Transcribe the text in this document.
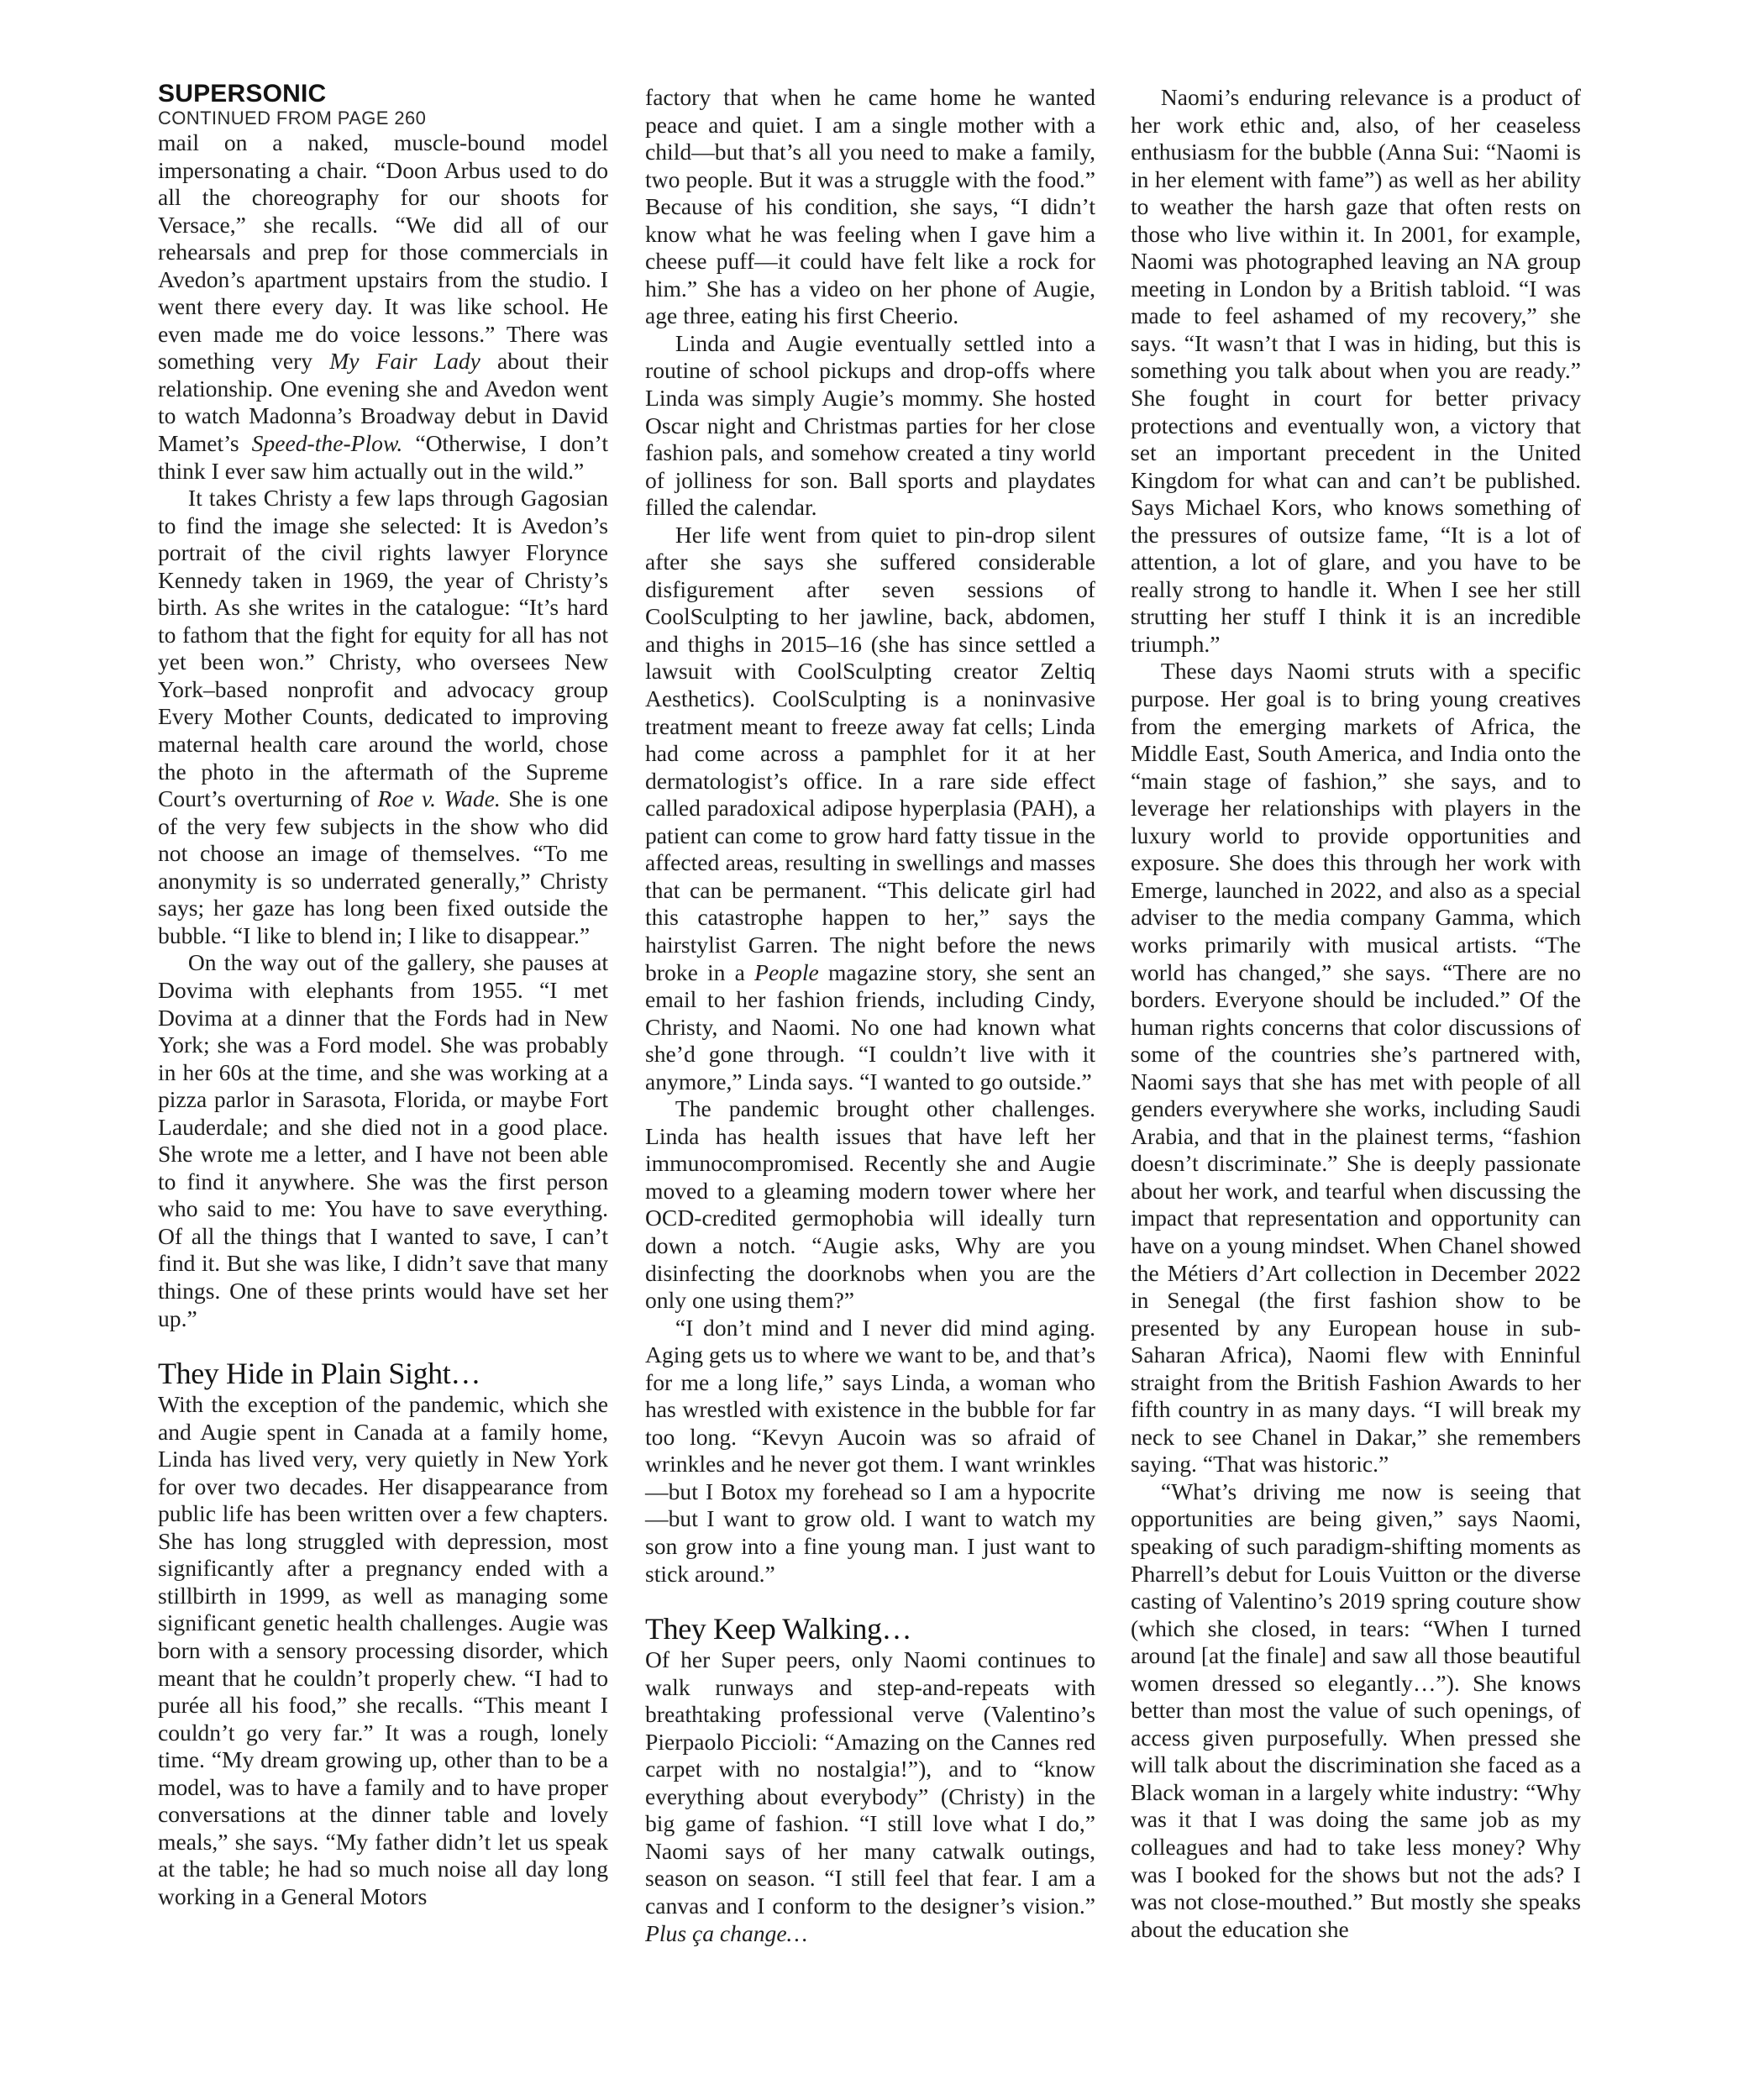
SUPERSONIC

CONTINUED FROM PAGE 260

mail on a naked, muscle-bound model impersonating a chair. “Doon Arbus used to do all the choreography for our shoots for Versace,” she recalls. “We did all of our rehearsals and prep for those commercials in Avedon’s apartment upstairs from the studio. I went there every day. It was like school. He even made me do voice lessons.” There was something very My Fair Lady about their relationship. One evening she and Avedon went to watch Madonna’s Broadway debut in David Mamet’s Speed-the-Plow. “Otherwise, I don’t think I ever saw him actually out in the wild.”

It takes Christy a few laps through Gagosian to find the image she selected: It is Avedon’s portrait of the civil rights lawyer Florynce Kennedy taken in 1969, the year of Christy’s birth. As she writes in the catalogue: “It’s hard to fathom that the fight for equity for all has not yet been won.” Christy, who oversees New York–based nonprofit and advocacy group Every Mother Counts, dedicated to improving maternal health care around the world, chose the photo in the aftermath of the Supreme Court’s overturning of Roe v. Wade. She is one of the very few subjects in the show who did not choose an image of themselves. “To me anonymity is so underrated generally,” Christy says; her gaze has long been fixed outside the bubble. “I like to blend in; I like to disappear.”

On the way out of the gallery, she pauses at Dovima with elephants from 1955. “I met Dovima at a dinner that the Fords had in New York; she was a Ford model. She was probably in her 60s at the time, and she was working at a pizza parlor in Sarasota, Florida, or maybe Fort Lauderdale; and she died not in a good place. She wrote me a letter, and I have not been able to find it anywhere. She was the first person who said to me: You have to save everything. Of all the things that I wanted to save, I can’t find it. But she was like, I didn’t save that many things. One of these prints would have set her up.”

They Hide in Plain Sight…

With the exception of the pandemic, which she and Augie spent in Canada at a family home, Linda has lived very, very quietly in New York for over two decades. Her disappearance from public life has been written over a few chapters. She has long struggled with depression, most significantly after a pregnancy ended with a stillbirth in 1999, as well as managing some significant genetic health challenges. Augie was born with a sensory processing disorder, which meant that he couldn’t properly chew. “I had to purée all his food,” she recalls. “This meant I couldn’t go very far.” It was a rough, lonely time. “My dream growing up, other than to be a model, was to have a family and to have proper conversations at the dinner table and lovely meals,” she says. “My father didn’t let us speak at the table; he had so much noise all day long working in a General Motors

factory that when he came home he wanted peace and quiet. I am a single mother with a child—but that’s all you need to make a family, two people. But it was a struggle with the food.” Because of his condition, she says, “I didn’t know what he was feeling when I gave him a cheese puff—it could have felt like a rock for him.” She has a video on her phone of Augie, age three, eating his first Cheerio.

Linda and Augie eventually settled into a routine of school pickups and drop-offs where Linda was simply Augie’s mommy. She hosted Oscar night and Christmas parties for her close fashion pals, and somehow created a tiny world of jolliness for son. Ball sports and playdates filled the calendar.

Her life went from quiet to pin-drop silent after she says she suffered considerable disfigurement after seven sessions of CoolSculpting to her jawline, back, abdomen, and thighs in 2015–16 (she has since settled a lawsuit with CoolSculpting creator Zeltiq Aesthetics). CoolSculpting is a noninvasive treatment meant to freeze away fat cells; Linda had come across a pamphlet for it at her dermatologist’s office. In a rare side effect called paradoxical adipose hyperplasia (PAH), a patient can come to grow hard fatty tissue in the affected areas, resulting in swellings and masses that can be permanent. “This delicate girl had this catastrophe happen to her,” says the hairstylist Garren. The night before the news broke in a People magazine story, she sent an email to her fashion friends, including Cindy, Christy, and Naomi. No one had known what she’d gone through. “I couldn’t live with it anymore,” Linda says. “I wanted to go outside.”

The pandemic brought other challenges. Linda has health issues that have left her immunocompromised. Recently she and Augie moved to a gleaming modern tower where her OCD-credited germophobia will ideally turn down a notch. “Augie asks, Why are you disinfecting the doorknobs when you are the only one using them?”

“I don’t mind and I never did mind aging. Aging gets us to where we want to be, and that’s for me a long life,” says Linda, a woman who has wrestled with existence in the bubble for far too long. “Kevyn Aucoin was so afraid of wrinkles and he never got them. I want wrinkles—but I Botox my forehead so I am a hypocrite—but I want to grow old. I want to watch my son grow into a fine young man. I just want to stick around.”

They Keep Walking…

Of her Super peers, only Naomi continues to walk runways and step-and-repeats with breathtaking professional verve (Valentino’s Pierpaolo Piccioli: “Amazing on the Cannes red carpet with no nostalgia!”), and to “know everything about everybody” (Christy) in the big game of fashion. “I still love what I do,” Naomi says of her many catwalk outings, season on season. “I still feel that fear. I am a canvas and I conform to the designer’s vision.” Plus ça change…

Naomi’s enduring relevance is a product of her work ethic and, also, of her ceaseless enthusiasm for the bubble (Anna Sui: “Naomi is in her element with fame”) as well as her ability to weather the harsh gaze that often rests on those who live within it. In 2001, for example, Naomi was photographed leaving an NA group meeting in London by a British tabloid. “I was made to feel ashamed of my recovery,” she says. “It wasn’t that I was in hiding, but this is something you talk about when you are ready.” She fought in court for better privacy protections and eventually won, a victory that set an important precedent in the United Kingdom for what can and can’t be published. Says Michael Kors, who knows something of the pressures of outsize fame, “It is a lot of attention, a lot of glare, and you have to be really strong to handle it. When I see her still strutting her stuff I think it is an incredible triumph.”

These days Naomi struts with a specific purpose. Her goal is to bring young creatives from the emerging markets of Africa, the Middle East, South America, and India onto the “main stage of fashion,” she says, and to leverage her relationships with players in the luxury world to provide opportunities and exposure. She does this through her work with Emerge, launched in 2022, and also as a special adviser to the media company Gamma, which works primarily with musical artists. “The world has changed,” she says. “There are no borders. Everyone should be included.” Of the human rights concerns that color discussions of some of the countries she’s partnered with, Naomi says that she has met with people of all genders everywhere she works, including Saudi Arabia, and that in the plainest terms, “fashion doesn’t discriminate.” She is deeply passionate about her work, and tearful when discussing the impact that representation and opportunity can have on a young mindset. When Chanel showed the Métiers d’Art collection in December 2022 in Senegal (the first fashion show to be presented by any European house in sub-Saharan Africa), Naomi flew with Enninful straight from the British Fashion Awards to her fifth country in as many days. “I will break my neck to see Chanel in Dakar,” she remembers saying. “That was historic.”

“What’s driving me now is seeing that opportunities are being given,” says Naomi, speaking of such paradigm-shifting moments as Pharrell’s debut for Louis Vuitton or the diverse casting of Valentino’s 2019 spring couture show (which she closed, in tears: “When I turned around [at the finale] and saw all those beautiful women dressed so elegantly…”). She knows better than most the value of such openings, of access given purposefully. When pressed she will talk about the discrimination she faced as a Black woman in a largely white industry: “Why was it that I was doing the same job as my colleagues and had to take less money? Why was I booked for the shows but not the ads? I was not close-mouthed.” But mostly she speaks about the education she
